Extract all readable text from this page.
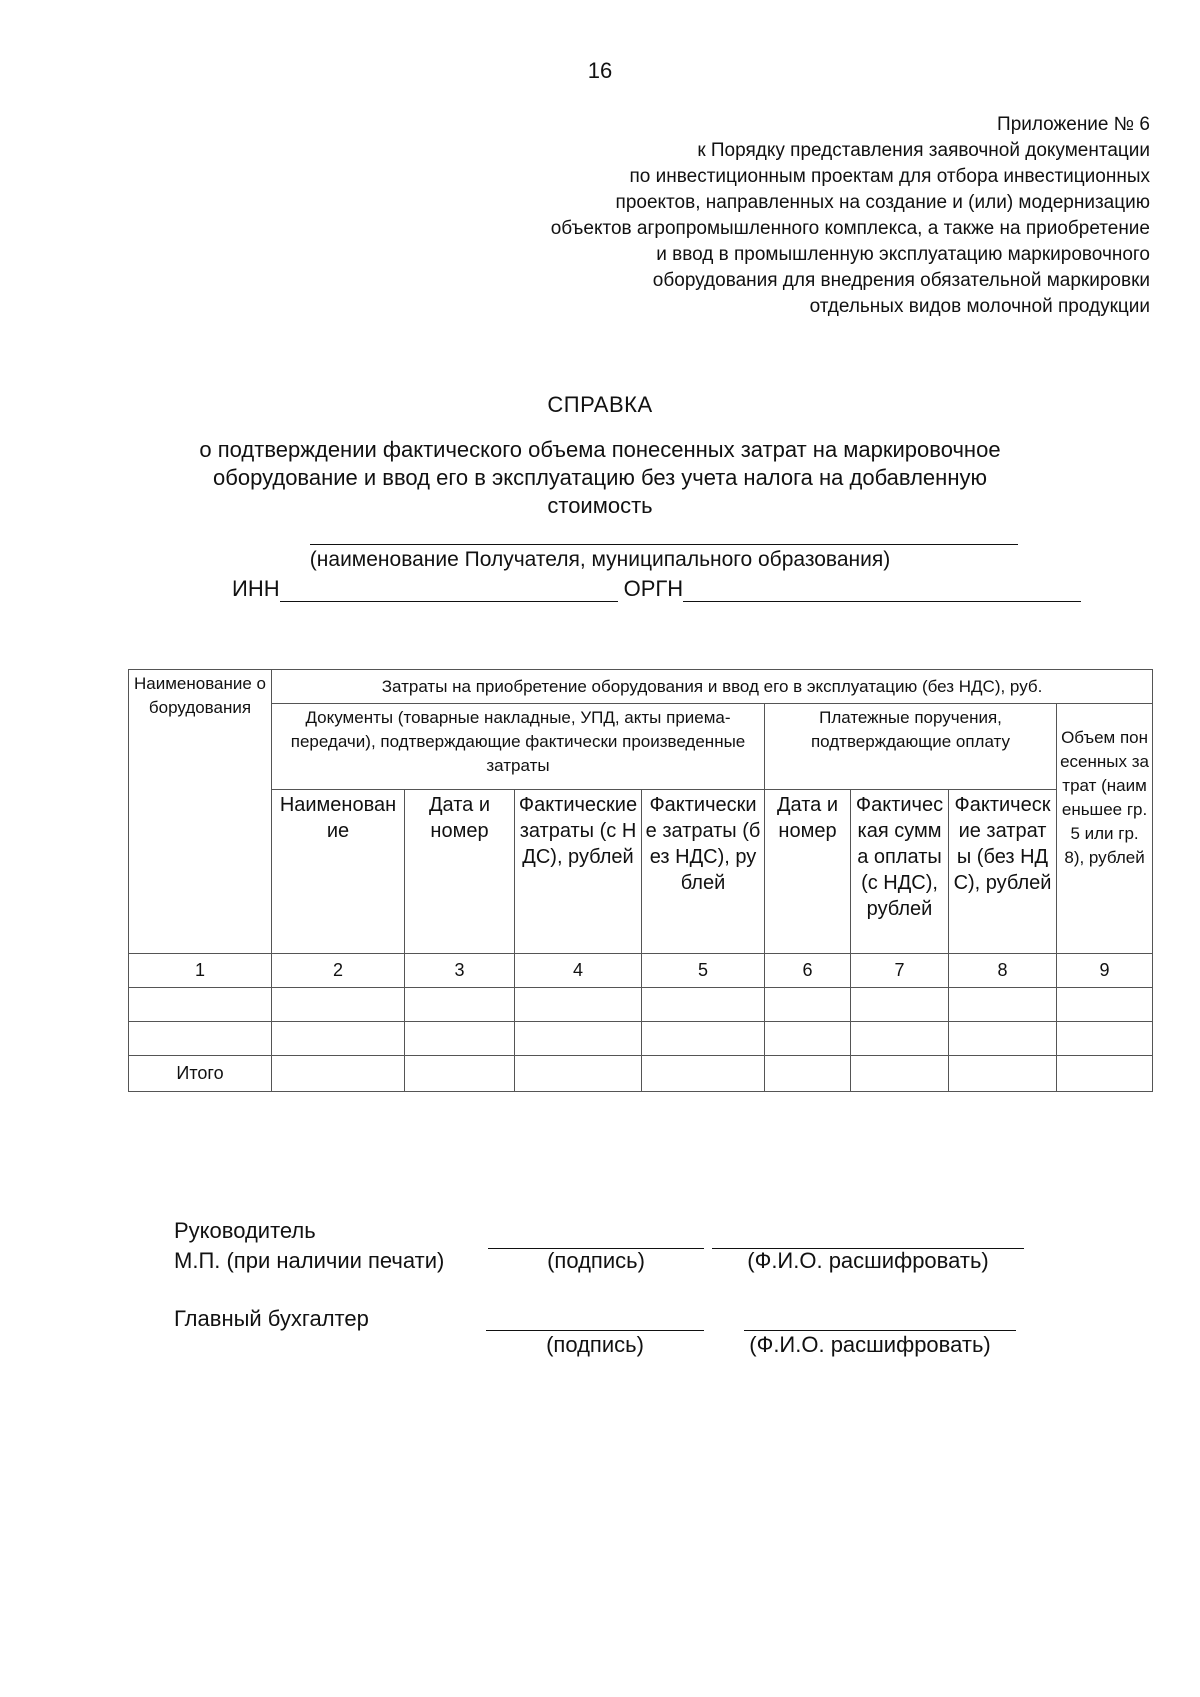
16
Приложение № 6
к Порядку представления заявочной документации
по инвестиционным проектам для отбора инвестиционных
проектов, направленных на создание и (или) модернизацию
объектов агропромышленного комплекса, а также на приобретение
и ввод в промышленную эксплуатацию маркировочного
оборудования для внедрения обязательной маркировки
отдельных видов молочной продукции
СПРАВКА
о подтверждении фактического объема понесенных затрат на маркировочное
оборудование и ввод его в эксплуатацию без учета налога на добавленную
стоимость
(наименование Получателя, муниципального образования)
ИНН	ОРГН
Наименование оборудования	Затраты на приобретение оборудования и ввод его в эксплуатацию (без НДС), руб.							
	Документы (товарные накладные, УПД, акты приема-передачи), подтверждающие фактически произведенные затраты				Платежные поручения, подтверждающие оплату			Объем понесенных затрат (наименьшее гр. 5 или гр. 8), рублей
	Наименование	Дата и номер	Фактические затраты (с НДС), рублей	Фактические затраты (без НДС), рублей	Дата и номер	Фактическая сумма оплаты (с НДС), рублей	Фактические затраты (без НДС), рублей	
1	2	3	4	5	6	7	8	9

Итого								
Руководитель
М.П. (при наличии печати)	(подпись)	(Ф.И.О. расшифровать)
Главный бухгалтер
(подпись)	(Ф.И.О. расшифровать)
